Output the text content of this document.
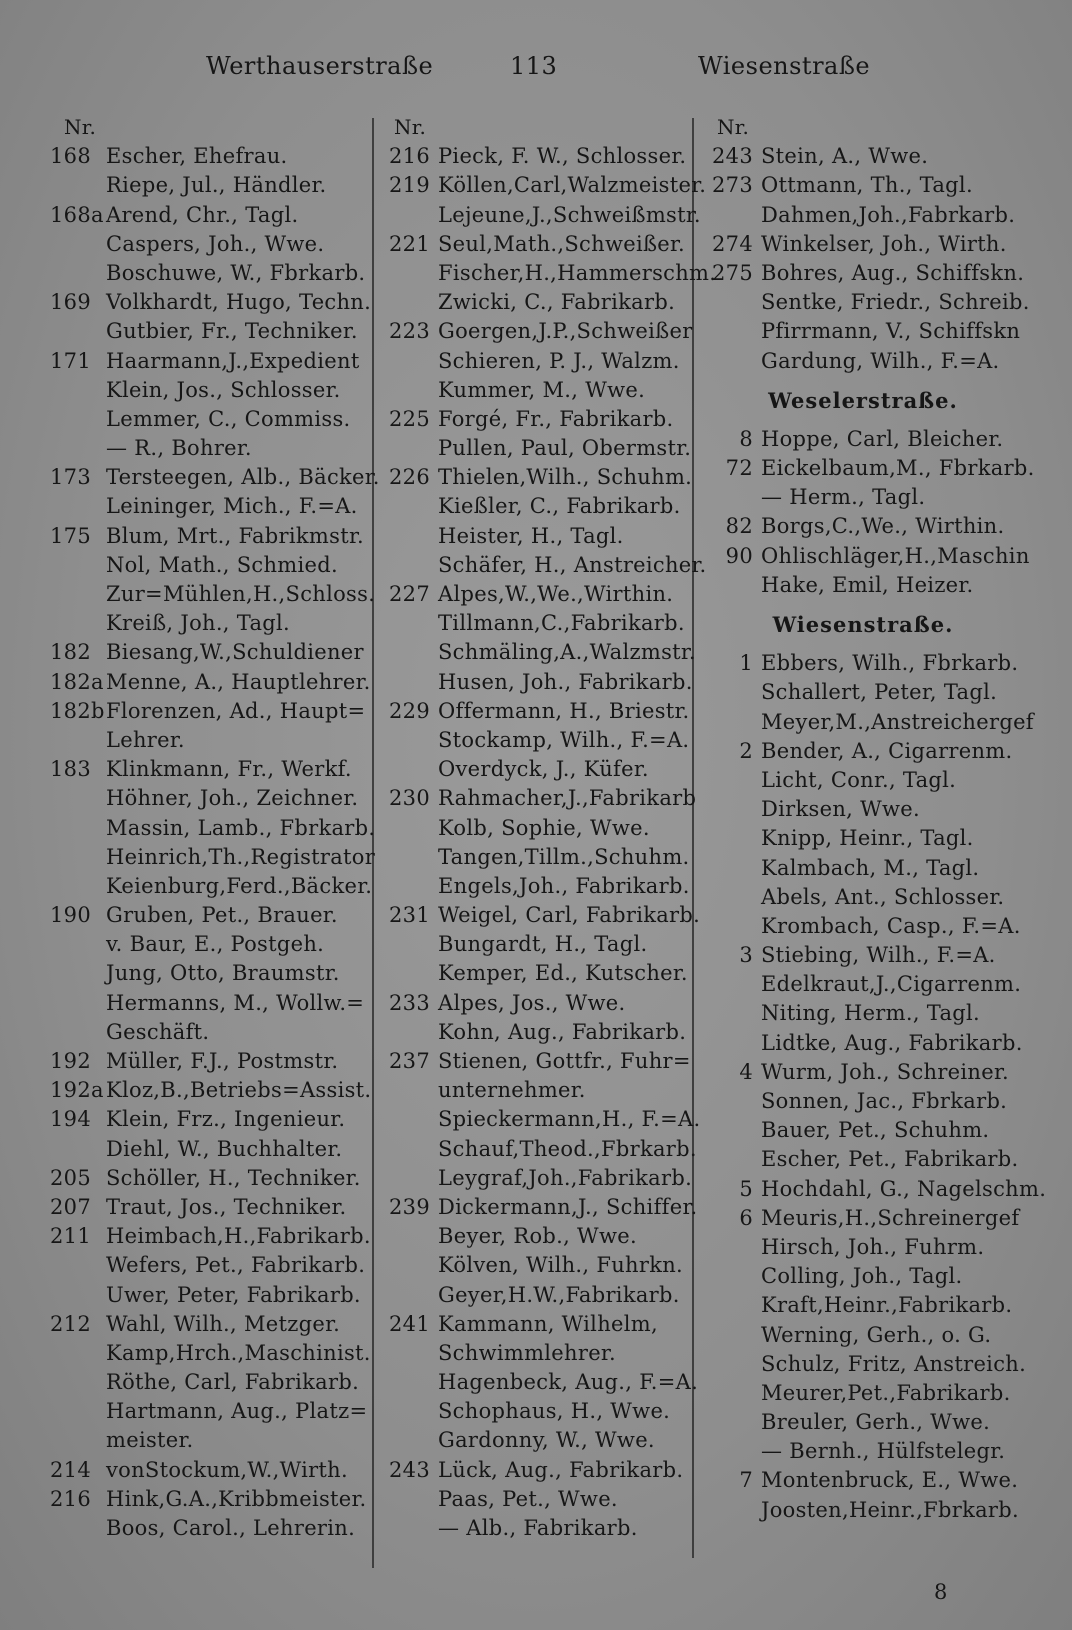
Werthauserstraße	113	Wiesenstraße
Nr.
168 Escher, Ehefrau.
Riepe, Jul., Händler.
168a Arend, Chr., Tagl.
Caspers, Joh., Wwe.
Boschuwe, W., Fbrkarb.
169 Volkhardt, Hugo, Techn.
Gutbier, Fr., Techniker.
171 Haarmann,J.,Expedient
Klein, Jos., Schlosser.
Lemmer, C., Commiss.
— R., Bohrer.
173 Tersteegen, Alb., Bäcker.
Leininger, Mich., F.=A.
175 Blum, Mrt., Fabrikmstr.
Nol, Math., Schmied.
Zur=Mühlen,H.,Schloss.
Kreiß, Joh., Tagl.
182 Biesang,W.,Schuldiener
182a Menne, A., Hauptlehrer.
182b Florenzen, Ad., Haupt=
Lehrer.
183 Klinkmann, Fr., Werkf.
Höhner, Joh., Zeichner.
Massin, Lamb., Fbrkarb.
Heinrich,Th.,Registrator
Keienburg,Ferd.,Bäcker.
190 Gruben, Pet., Brauer.
v. Baur, E., Postgeh.
Jung, Otto, Braumstr.
Hermanns, M., Wollw.=
Geschäft.
192 Müller, F.J., Postmstr.
192a Kloz,B.,Betriebs=Assist.
194 Klein, Frz., Ingenieur.
Diehl, W., Buchhalter.
205 Schöller, H., Techniker.
207 Traut, Jos., Techniker.
211 Heimbach,H.,Fabrikarb.
Wefers, Pet., Fabrikarb.
Uwer, Peter, Fabrikarb.
212 Wahl, Wilh., Metzger.
Kamp,Hrch.,Maschinist.
Röthe, Carl, Fabrikarb.
Hartmann, Aug., Platz=
meister.
214 vonStockum,W.,Wirth.
216 Hink,G.A.,Kribbmeister.
Boos, Carol., Lehrerin.
Nr.
216 Pieck, F. W., Schlosser.
219 Köllen,Carl,Walzmeister.
Lejeune,J.,Schweißmstr.
221 Seul,Math.,Schweißer.
Fischer,H.,Hammerschm.
Zwicki, C., Fabrikarb.
223 Goergen,J.P.,Schweißer
Schieren, P. J., Walzm.
Kummer, M., Wwe.
225 Forgé, Fr., Fabrikarb.
Pullen, Paul, Obermstr.
226 Thielen,Wilh., Schuhm.
Kießler, C., Fabrikarb.
Heister, H., Tagl.
Schäfer, H., Anstreicher.
227 Alpes,W.,We.,Wirthin.
Tillmann,C.,Fabrikarb.
Schmäling,A.,Walzmstr.
Husen, Joh., Fabrikarb.
229 Offermann, H., Briestr.
Stockamp, Wilh., F.=A.
Overdyck, J., Küfer.
230 Rahmacher,J.,Fabrikarb
Kolb, Sophie, Wwe.
Tangen,Tillm.,Schuhm.
Engels,Joh., Fabrikarb.
231 Weigel, Carl, Fabrikarb.
Bungardt, H., Tagl.
Kemper, Ed., Kutscher.
233 Alpes, Jos., Wwe.
Kohn, Aug., Fabrikarb.
237 Stienen, Gottfr., Fuhr=
unternehmer.
Spieckermann,H., F.=A.
Schauf,Theod.,Fbrkarb.
Leygraf,Joh.,Fabrikarb.
239 Dickermann,J., Schiffer.
Beyer, Rob., Wwe.
Kölven, Wilh., Fuhrkn.
Geyer,H.W.,Fabrikarb.
241 Kammann, Wilhelm,
Schwimmlehrer.
Hagenbeck, Aug., F.=A.
Schophaus, H., Wwe.
Gardonny, W., Wwe.
243 Lück, Aug., Fabrikarb.
Paas, Pet., Wwe.
— Alb., Fabrikarb.
Nr.
243 Stein, A., Wwe.
273 Ottmann, Th., Tagl.
Dahmen,Joh.,Fabrkarb.
274 Winkelser, Joh., Wirth.
275 Bohres, Aug., Schiffskn.
Sentke, Friedr., Schreib.
Pfirrmann, V., Schiffskn
Gardung, Wilh., F.=A.
Weselerstraße.
8 Hoppe, Carl, Bleicher.
72 Eickelbaum,M., Fbrkarb.
— Herm., Tagl.
82 Borgs,C.,We., Wirthin.
90 Ohlischläger,H.,Maschin
Hake, Emil, Heizer.
Wiesenstraße.
1 Ebbers, Wilh., Fbrkarb.
Schallert, Peter, Tagl.
Meyer,M.,Anstreichergef
2 Bender, A., Cigarrenm.
Licht, Conr., Tagl.
Dirksen, Wwe.
Knipp, Heinr., Tagl.
Kalmbach, M., Tagl.
Abels, Ant., Schlosser.
Krombach, Casp., F.=A.
3 Stiebing, Wilh., F.=A.
Edelkraut,J.,Cigarrenm.
Niting, Herm., Tagl.
Lidtke, Aug., Fabrikarb.
4 Wurm, Joh., Schreiner.
Sonnen, Jac., Fbrkarb.
Bauer, Pet., Schuhm.
Escher, Pet., Fabrikarb.
5 Hochdahl, G., Nagelschm.
6 Meuris,H.,Schreinergef
Hirsch, Joh., Fuhrm.
Colling, Joh., Tagl.
Kraft,Heinr.,Fabrikarb.
Werning, Gerh., o. G.
Schulz, Fritz, Anstreich.
Meurer,Pet.,Fabrikarb.
Breuler, Gerh., Wwe.
— Bernh., Hülfstelegr.
7 Montenbruck, E., Wwe.
Joosten,Heinr.,Fbrkarb.
8
